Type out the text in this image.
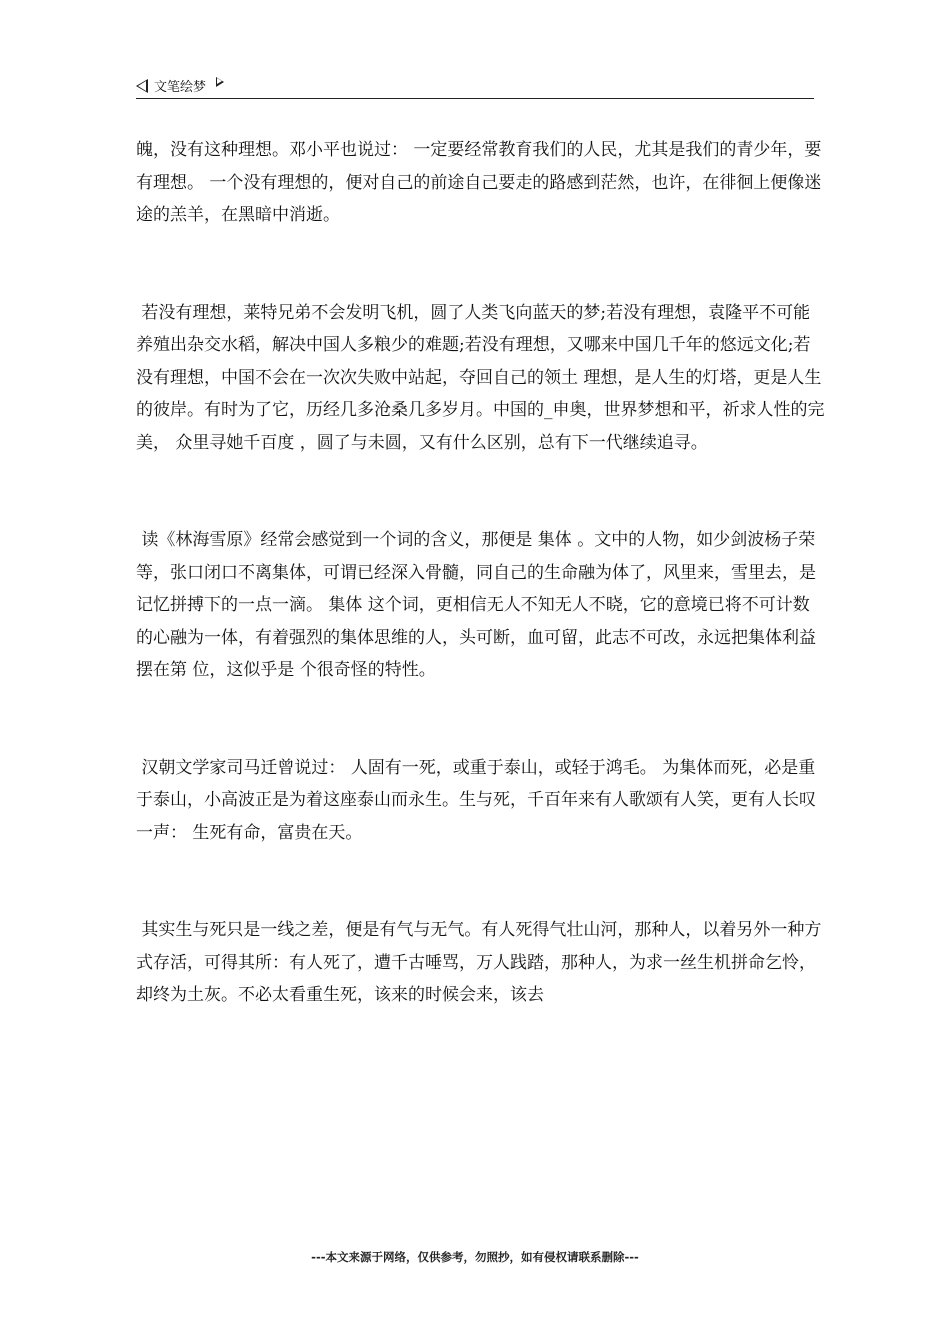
文笔绘梦

魄，没有这种理想。邓小平也说过： 一定要经常教育我们的人民，尤其是我们的青少年，要有理想。 一个没有理想的，便对自己的前途自己要走的路感到茫然，也许，在徘徊上便像迷途的羔羊，在黑暗中消逝。

若没有理想，莱特兄弟不会发明飞机，圆了人类飞向蓝天的梦;若没有理想，袁隆平不可能养殖出杂交水稻，解决中国人多粮少的难题;若没有理想，又哪来中国几千年的悠远文化;若没有理想，中国不会在一次次失败中站起，夺回自己的领土 理想，是人生的灯塔，更是人生的彼岸。有时为了它，历经几多沧桑几多岁月。中国的_申奥，世界梦想和平，祈求人性的完美， 众里寻她千百度 ，圆了与未圆，又有什么区别，总有下一代继续追寻。

读《林海雪原》经常会感觉到一个词的含义，那便是 集体 。文中的人物，如少剑波杨子荣等，张口闭口不离集体，可谓已经深入骨髓，同自己的生命融为体了，风里来，雪里去，是记忆拼搏下的一点一滴。 集体 这个词，更相信无人不知无人不晓，它的意境已将不可计数的心融为一体，有着强烈的集体思维的人，头可断，血可留，此志不可改，永远把集体利益摆在第 位，这似乎是 个很奇怪的特性。

汉朝文学家司马迁曾说过： 人固有一死，或重于泰山，或轻于鸿毛。 为集体而死，必是重于泰山，小高波正是为着这座泰山而永生。生与死，千百年来有人歌颂有人笑，更有人长叹一声： 生死有命，富贵在天。

其实生与死只是一线之差，便是有气与无气。有人死得气壮山河，那种人，以着另外一种方式存活，可得其所：有人死了，遭千古唾骂，万人践踏，那种人，为求一丝生机拼命乞怜，却终为土灰。不必太看重生死，该来的时候会来，该去

---本文来源于网络，仅供参考，勿照抄，如有侵权请联系删除---
